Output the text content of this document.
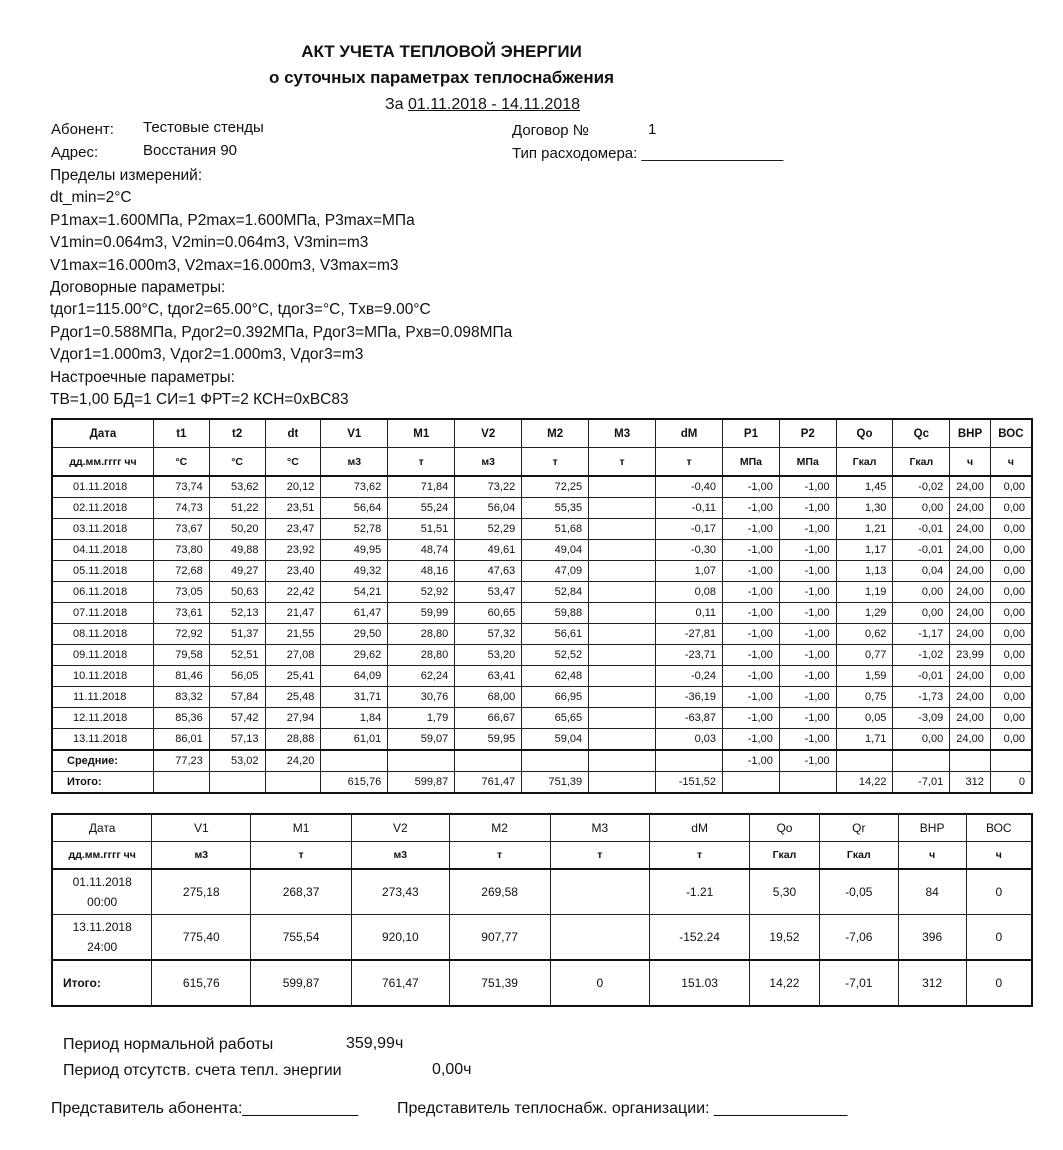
АКТ УЧЕТА ТЕПЛОВОЙ ЭНЕРГИИ
о суточных параметрах теплоснабжения
За 01.11.2018 - 14.11.2018
Абонент: Тестовые стенды
Адрес:	Восстания 90
Договор №	1
Тип расходомера: _________________
Пределы измерений:
dt_min=2°C
P1max=1.600МПа, P2max=1.600МПа, P3max=МПа
V1min=0.064m3, V2min=0.064m3, V3min=m3
V1max=16.000m3, V2max=16.000m3, V3max=m3
Договорные параметры:
tдог1=115.00°C, tдог2=65.00°C, tдог3=°C, Tхв=9.00°C
Pдог1=0.588МПа, Pдог2=0.392МПа, Pдог3=МПа, Pхв=0.098МПа
Vдог1=1.000m3, Vдог2=1.000m3, Vдог3=m3
Настроечные параметры:
ТВ=1,00 БД=1 СИ=1 ФРТ=2 КСН=0xBC83
Дата	t1	t2	dt	V1	M1	V2	M2	M3	dM	P1	P2	Qo	Qc	ВНР	ВОС
дд.мм.гггг чч	°C	°C	°C	м3	т	м3	т	т	т	МПа	МПа	Гкал	Гкал	ч	ч
01.11.2018	73,74	53,62	20,12	73,62	71,84	73,22	72,25		-0,40	-1,00	-1,00	1,45	-0,02	24,00	0,00
02.11.2018	74,73	51,22	23,51	56,64	55,24	56,04	55,35		-0,11	-1,00	-1,00	1,30	0,00	24,00	0,00
03.11.2018	73,67	50,20	23,47	52,78	51,51	52,29	51,68		-0,17	-1,00	-1,00	1,21	-0,01	24,00	0,00
04.11.2018	73,80	49,88	23,92	49,95	48,74	49,61	49,04		-0,30	-1,00	-1,00	1,17	-0,01	24,00	0,00
05.11.2018	72,68	49,27	23,40	49,32	48,16	47,63	47,09		1,07	-1,00	-1,00	1,13	0,04	24,00	0,00
06.11.2018	73,05	50,63	22,42	54,21	52,92	53,47	52,84		0,08	-1,00	-1,00	1,19	0,00	24,00	0,00
07.11.2018	73,61	52,13	21,47	61,47	59,99	60,65	59,88		0,11	-1,00	-1,00	1,29	0,00	24,00	0,00
08.11.2018	72,92	51,37	21,55	29,50	28,80	57,32	56,61		-27,81	-1,00	-1,00	0,62	-1,17	24,00	0,00
09.11.2018	79,58	52,51	27,08	29,62	28,80	53,20	52,52		-23,71	-1,00	-1,00	0,77	-1,02	23,99	0,00
10.11.2018	81,46	56,05	25,41	64,09	62,24	63,41	62,48		-0,24	-1,00	-1,00	1,59	-0,01	24,00	0,00
11.11.2018	83,32	57,84	25,48	31,71	30,76	68,00	66,95		-36,19	-1,00	-1,00	0,75	-1,73	24,00	0,00
12.11.2018	85,36	57,42	27,94	1,84	1,79	66,67	65,65		-63,87	-1,00	-1,00	0,05	-3,09	24,00	0,00
13.11.2018	86,01	57,13	28,88	61,01	59,07	59,95	59,04		0,03	-1,00	-1,00	1,71	0,00	24,00	0,00
Средние:	77,23	53,02	24,20							-1,00	-1,00				
Итого:				615,76	599,87	761,47	751,39		-151,52			14,22	-7,01	312	0
Дата	V1	M1	V2	M2	M3	dM	Qo	Qr	ВНР	ВОС
дд.мм.гггг чч	м3	т	м3	т	т	т	Гкал	Гкал	ч	ч

01.11.2018
00:00	275,18	268,37	273,43	269,58		-1.21	5,30	-0,05	84	0

13.11.2018
24:00	775,40	755,54	920,10	907,77		-152.24	19,52	-7,06	396	0
Итого:	615,76	599,87	761,47	751,39	0	151.03	14,22	-7,01	312	0
Период нормальной работы	359,99ч
Период отсутств. счета тепл. энергии	0,00ч
Представитель абонента:_____________ Представитель теплоснабж. организации: _______________
